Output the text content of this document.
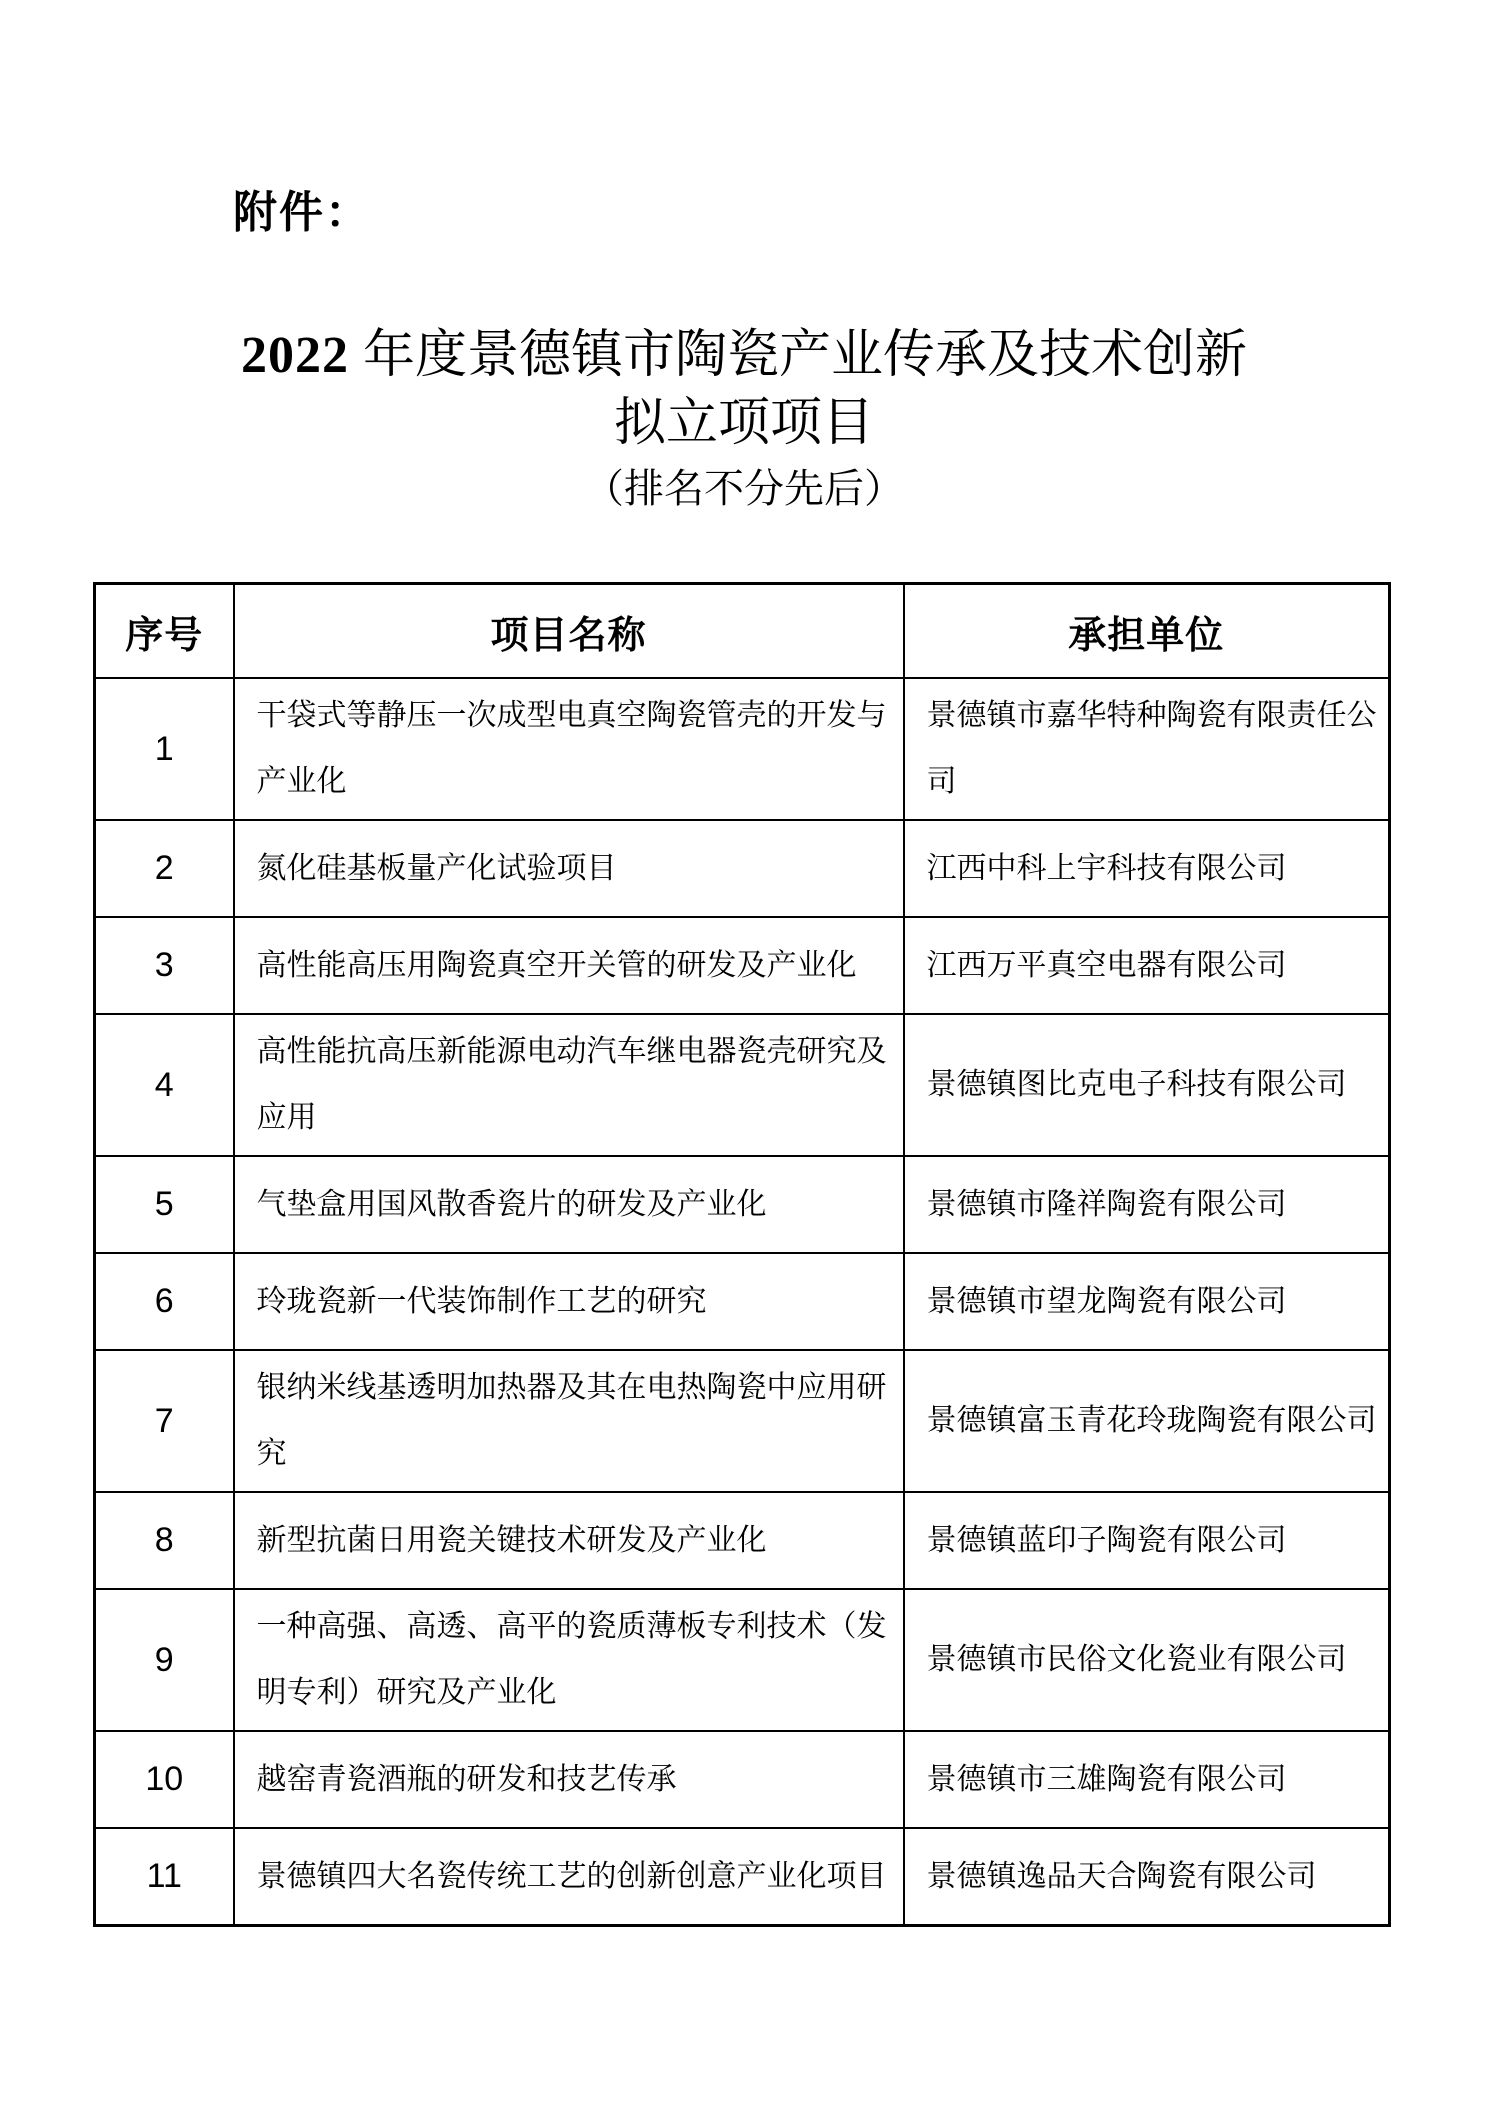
附件：
2022 年度景德镇市陶瓷产业传承及技术创新
拟立项项目
（排名不分先后）
序号	项目名称	承担单位
1	干袋式等静压一次成型电真空陶瓷管壳的开发与产业化	景德镇市嘉华特种陶瓷有限责任公司
2	氮化硅基板量产化试验项目	江西中科上宇科技有限公司
3	高性能高压用陶瓷真空开关管的研发及产业化	江西万平真空电器有限公司
4	高性能抗高压新能源电动汽车继电器瓷壳研究及应用	景德镇图比克电子科技有限公司
5	气垫盒用国风散香瓷片的研发及产业化	景德镇市隆祥陶瓷有限公司
6	玲珑瓷新一代装饰制作工艺的研究	景德镇市望龙陶瓷有限公司
7	银纳米线基透明加热器及其在电热陶瓷中应用研究	景德镇富玉青花玲珑陶瓷有限公司
8	新型抗菌日用瓷关键技术研发及产业化	景德镇蓝印子陶瓷有限公司
9	一种高强、高透、高平的瓷质薄板专利技术（发明专利）研究及产业化	景德镇市民俗文化瓷业有限公司
10	越窑青瓷酒瓶的研发和技艺传承	景德镇市三雄陶瓷有限公司
11	景德镇四大名瓷传统工艺的创新创意产业化项目	景德镇逸品天合陶瓷有限公司
